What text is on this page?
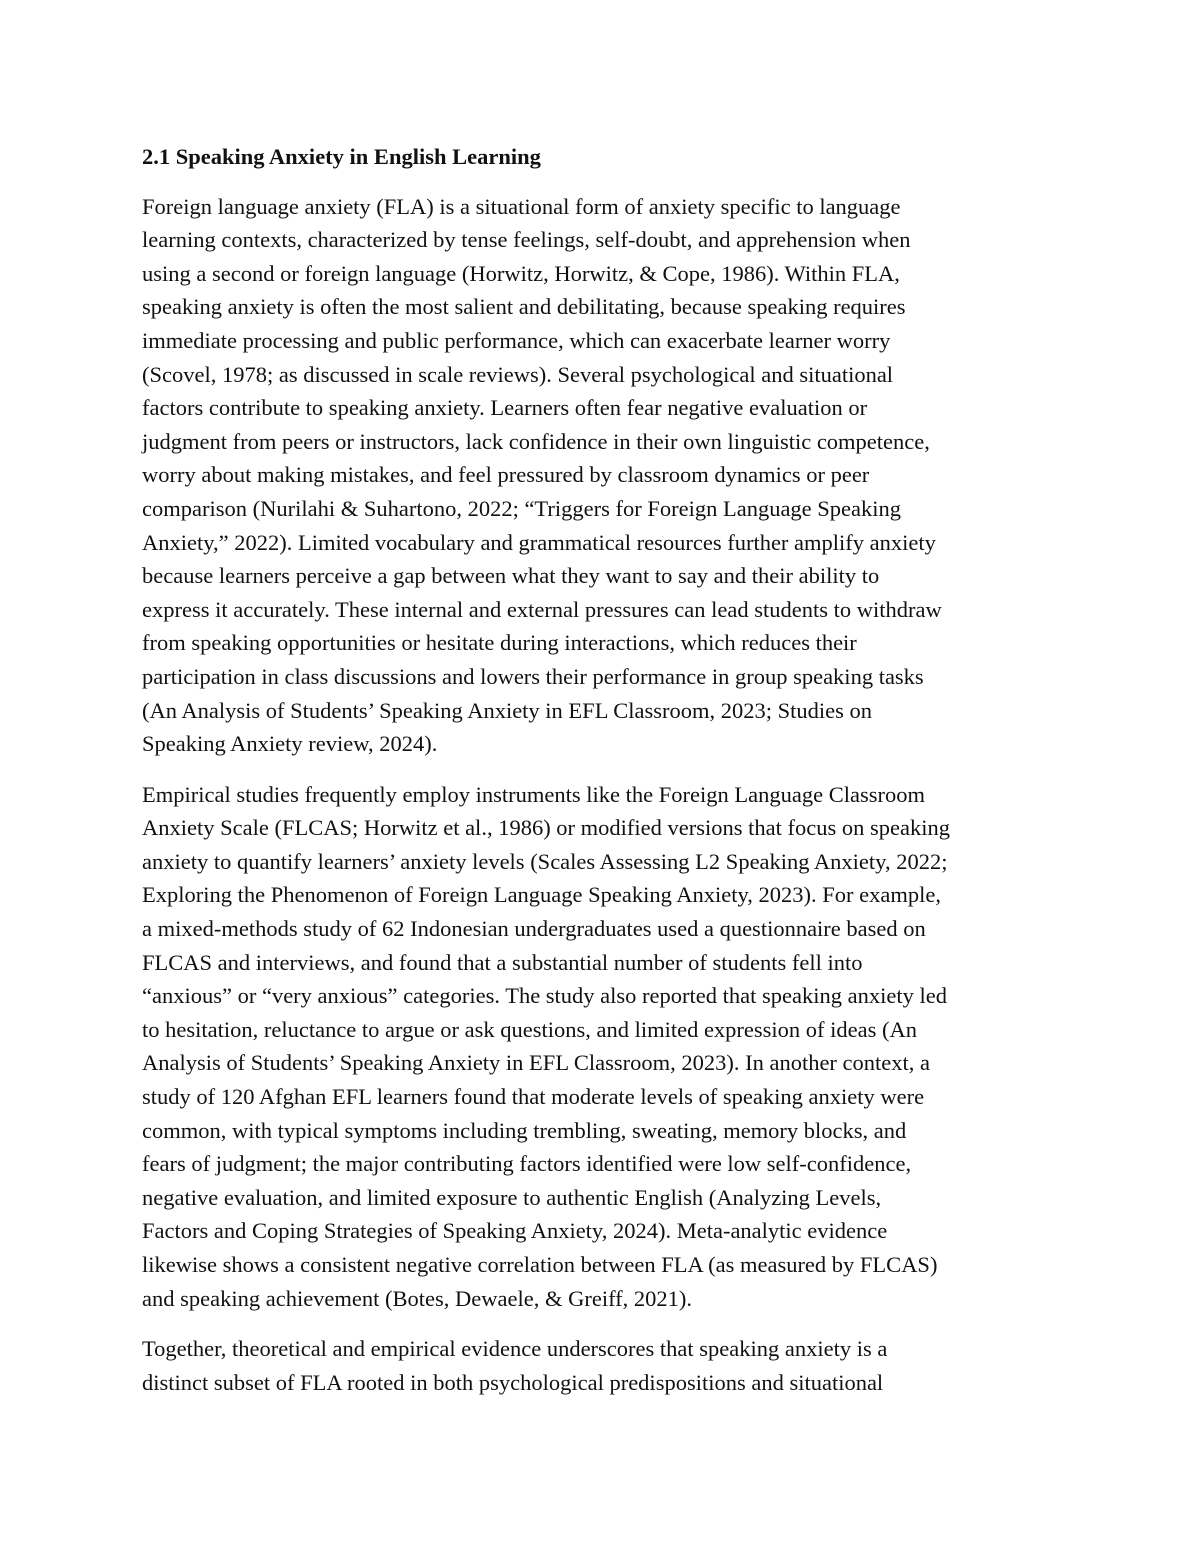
2.1 Speaking Anxiety in English Learning

Foreign language anxiety (FLA) is a situational form of anxiety specific to language
learning contexts, characterized by tense feelings, self-doubt, and apprehension when
using a second or foreign language (Horwitz, Horwitz, & Cope, 1986). Within FLA,
speaking anxiety is often the most salient and debilitating, because speaking requires
immediate processing and public performance, which can exacerbate learner worry
(Scovel, 1978; as discussed in scale reviews). Several psychological and situational
factors contribute to speaking anxiety. Learners often fear negative evaluation or
judgment from peers or instructors, lack confidence in their own linguistic competence,
worry about making mistakes, and feel pressured by classroom dynamics or peer
comparison (Nurilahi & Suhartono, 2022; “Triggers for Foreign Language Speaking
Anxiety,” 2022). Limited vocabulary and grammatical resources further amplify anxiety
because learners perceive a gap between what they want to say and their ability to
express it accurately. These internal and external pressures can lead students to withdraw
from speaking opportunities or hesitate during interactions, which reduces their
participation in class discussions and lowers their performance in group speaking tasks
(An Analysis of Students’ Speaking Anxiety in EFL Classroom, 2023; Studies on
Speaking Anxiety review, 2024).

Empirical studies frequently employ instruments like the Foreign Language Classroom
Anxiety Scale (FLCAS; Horwitz et al., 1986) or modified versions that focus on speaking
anxiety to quantify learners’ anxiety levels (Scales Assessing L2 Speaking Anxiety, 2022;
Exploring the Phenomenon of Foreign Language Speaking Anxiety, 2023). For example,
a mixed-methods study of 62 Indonesian undergraduates used a questionnaire based on
FLCAS and interviews, and found that a substantial number of students fell into
“anxious” or “very anxious” categories. The study also reported that speaking anxiety led
to hesitation, reluctance to argue or ask questions, and limited expression of ideas (An
Analysis of Students’ Speaking Anxiety in EFL Classroom, 2023). In another context, a
study of 120 Afghan EFL learners found that moderate levels of speaking anxiety were
common, with typical symptoms including trembling, sweating, memory blocks, and
fears of judgment; the major contributing factors identified were low self-confidence,
negative evaluation, and limited exposure to authentic English (Analyzing Levels,
Factors and Coping Strategies of Speaking Anxiety, 2024). Meta-analytic evidence
likewise shows a consistent negative correlation between FLA (as measured by FLCAS)
and speaking achievement (Botes, Dewaele, & Greiff, 2021).

Together, theoretical and empirical evidence underscores that speaking anxiety is a
distinct subset of FLA rooted in both psychological predispositions and situational
